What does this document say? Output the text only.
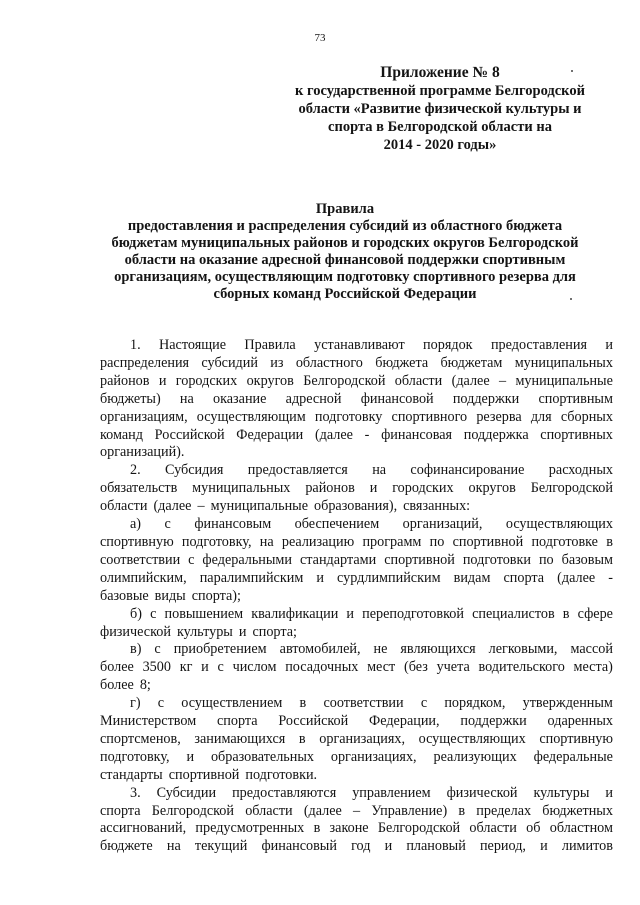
73
Приложение № 8
к государственной программе Белгородской
области «Развитие физической культуры и
спорта в Белгородской области на
2014 - 2020 годы»
Правила
предоставления и распределения субсидий из областного бюджета
бюджетам муниципальных районов и городских округов Белгородской
области на оказание адресной финансовой поддержки спортивным
организациям, осуществляющим подготовку спортивного резерва для
сборных команд Российской Федерации
1. Настоящие Правила устанавливают порядок предоставления и
распределения субсидий из областного бюджета бюджетам муниципальных
районов и городских округов Белгородской области (далее – муниципальные
бюджеты) на оказание адресной финансовой поддержки спортивным
организациям, осуществляющим подготовку спортивного резерва для сборных
команд Российской Федерации (далее - финансовая поддержка спортивных
организаций).
2. Субсидия предоставляется на софинансирование расходных
обязательств муниципальных районов и городских округов Белгородской
области (далее – муниципальные образования), связанных:
а) с финансовым обеспечением организаций, осуществляющих
спортивную подготовку, на реализацию программ по спортивной подготовке в
соответствии с федеральными стандартами спортивной подготовки по базовым
олимпийским, паралимпийским и сурдлимпийским видам спорта (далее -
базовые виды спорта);
б) с повышением квалификации и переподготовкой специалистов в сфере
физической культуры и спорта;
в) с приобретением автомобилей, не являющихся легковыми, массой
более 3500 кг и с числом посадочных мест (без учета водительского места)
более 8;
г) с осуществлением в соответствии с порядком, утвержденным
Министерством спорта Российской Федерации, поддержки одаренных
спортсменов, занимающихся в организациях, осуществляющих спортивную
подготовку, и образовательных организациях, реализующих федеральные
стандарты спортивной подготовки.
3. Субсидии предоставляются управлением физической культуры и
спорта Белгородской области (далее – Управление) в пределах бюджетных
ассигнований, предусмотренных в законе Белгородской области об областном
бюджете на текущий финансовый год и плановый период, и лимитов
